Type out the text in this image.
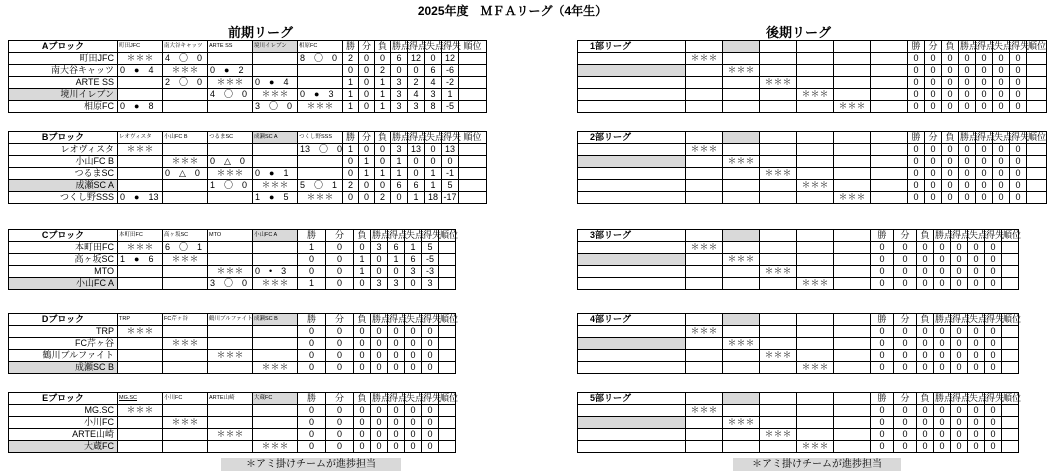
2025年度　ＭＦＡリーグ（4年生）
前期リーグ	後期リーグ
Aブロック	町田JFC	南大谷キャッツ	ARTE SS	境川イレブン	相原FC	勝	分	負	勝点	得点	失点	得失	順位
町田JFC	＊＊＊	4　〇　0			8　〇　0	2	0	0	6	12	0	12	
南大谷キャッツ	0　●　4	＊＊＊	0　●　2			0	0	2	0	0	6	-6	
ARTE SS		2　〇　0	＊＊＊	0　●　4		1	0	1	3	2	4	-2	
境川イレブン			4　〇　0	＊＊＊	0　●　3	1	0	1	3	4	3	1	
相原FC	0　●　8			3　〇　0	＊＊＊	1	0	1	3	3	8	-5	
Bブロック	レオヴィスタ	小山FC B	つるまSC	成瀬SC A	つくし野SSS	勝	分	負	勝点	得点	失点	得失	順位
レオヴィスタ	＊＊＊				13　〇　0	1	0	0	3	13	0	13	
小山FC B		＊＊＊	0　△　0			0	1	0	1	0	0	0	
つるまSC		0　△　0	＊＊＊	0　●　1		0	1	1	1	0	1	-1	
成瀬SC A			1　〇　0	＊＊＊	5　〇　1	2	0	0	6	6	1	5	
つくし野SSS	0　●　13			1　●　5	＊＊＊	0	0	2	0	1	18	-17	
Cブロック	本町田FC	高ヶ坂SC	MTO	小山FC A	勝	分	負	勝点	得点	失点	得失	順位
本町田FC	＊＊＊	6　〇　1			1	0	0	3	6	1	5	
高ヶ坂SC	1　●　6	＊＊＊			0	0	1	0	1	6	-5	
MTO			＊＊＊	0　•　3	0	0	1	0	0	3	-3	
小山FC A			3　〇　0	＊＊＊	1	0	0	3	3	0	3	
Dブロック	TRP	FC芹ヶ谷	鶴川ブルファイト	成瀬SC B	勝	分	負	勝点	得点	失点	得失	順位
TRP	＊＊＊				0	0	0	0	0	0	0	
FC芹ヶ谷		＊＊＊			0	0	0	0	0	0	0	
鶴川ブルファイト			＊＊＊		0	0	0	0	0	0	0	
成瀬SC B				＊＊＊	0	0	0	0	0	0	0	
Eブロック	MG.SC	小川FC	ARTE山崎	大蔵FC	勝	分	負	勝点	得点	失点	得失	順位
MG.SC	＊＊＊				0	0	0	0	0	0	0	
小川FC		＊＊＊			0	0	0	0	0	0	0	
ARTE山崎			＊＊＊		0	0	0	0	0	0	0	
大蔵FC				＊＊＊	0	0	0	0	0	0	0	
1部リーグ							勝	分	負	勝点	得点	失点	得失	順位
	＊＊＊						0	0	0	0	0	0	0	
		＊＊＊					0	0	0	0	0	0	0	
			＊＊＊				0	0	0	0	0	0	0	
				＊＊＊			0	0	0	0	0	0	0	
					＊＊＊		0	0	0	0	0	0	0	
2部リーグ							勝	分	負	勝点	得点	失点	得失	順位
	＊＊＊						0	0	0	0	0	0	0	
		＊＊＊					0	0	0	0	0	0	0	
			＊＊＊				0	0	0	0	0	0	0	
				＊＊＊			0	0	0	0	0	0	0	
					＊＊＊		0	0	0	0	0	0	0	
3部リーグ						勝	分	負	勝点	得点	失点	得失	順位
	＊＊＊					0	0	0	0	0	0	0	
		＊＊＊				0	0	0	0	0	0	0	
			＊＊＊			0	0	0	0	0	0	0	
				＊＊＊		0	0	0	0	0	0	0	
4部リーグ						勝	分	負	勝点	得点	失点	得失	順位
	＊＊＊					0	0	0	0	0	0	0	
		＊＊＊				0	0	0	0	0	0	0	
			＊＊＊			0	0	0	0	0	0	0	
				＊＊＊		0	0	0	0	0	0	0	
5部リーグ						勝	分	負	勝点	得点	失点	得失	順位
	＊＊＊					0	0	0	0	0	0	0	
		＊＊＊				0	0	0	0	0	0	0	
			＊＊＊			0	0	0	0	0	0	0	
				＊＊＊		0	0	0	0	0	0	0	
＊アミ掛けチームが進捗担当	＊アミ掛けチームが進捗担当
